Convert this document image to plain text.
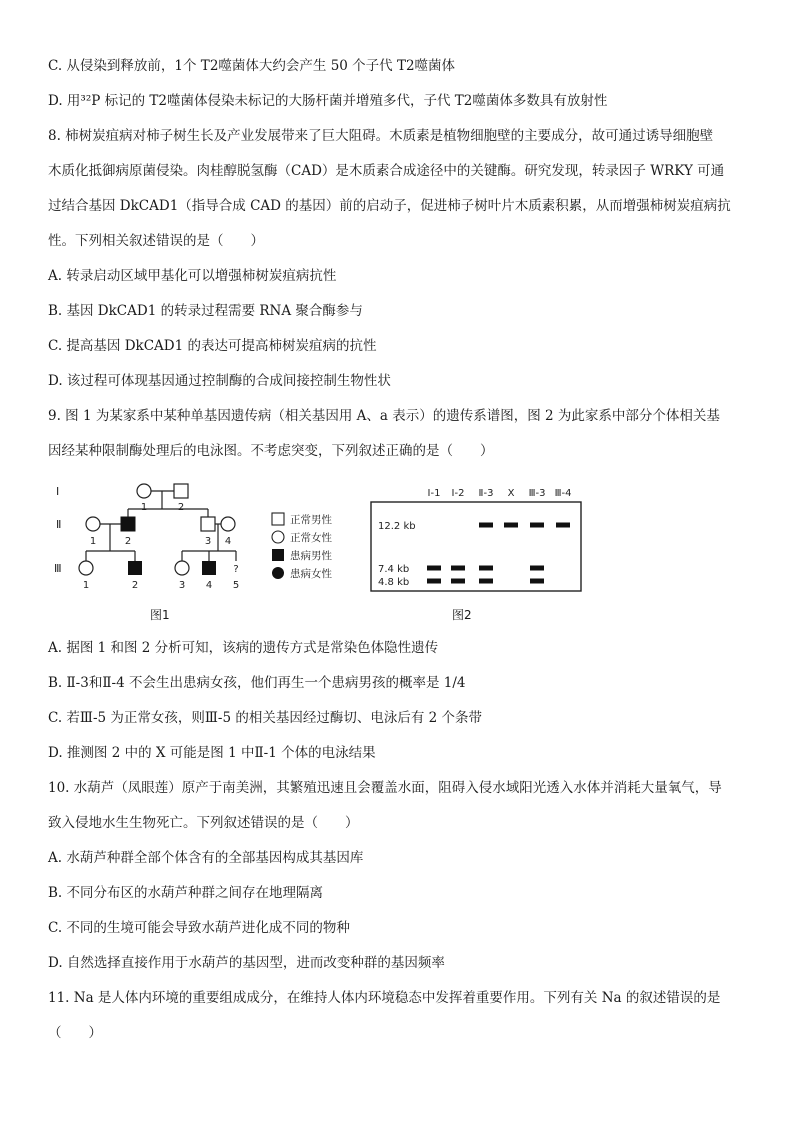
C. 从侵染到释放前，1个 T2噬菌体大约会产生 50 个子代 T2噬菌体
D. 用³²P 标记的 T2噬菌体侵染未标记的大肠杆菌并增殖多代，子代 T2噬菌体多数具有放射性
8. 柿树炭疽病对柿子树生长及产业发展带来了巨大阻碍。木质素是植物细胞壁的主要成分，故可通过诱导细胞壁
木质化抵御病原菌侵染。肉桂醇脱氢酶（CAD）是木质素合成途径中的关键酶。研究发现，转录因子 WRKY 可通
过结合基因 DkCAD1（指导合成 CAD 的基因）前的启动子，促进柿子树叶片木质素积累，从而增强柿树炭疽病抗
性。下列相关叙述错误的是（　　）
A. 转录启动区域甲基化可以增强柿树炭疽病抗性
B. 基因 DkCAD1 的转录过程需要 RNA 聚合酶参与
C. 提高基因 DkCAD1 的表达可提高柿树炭疽病的抗性
D. 该过程可体现基因通过控制酶的合成间接控制生物性状
9. 图 1 为某家系中某种单基因遗传病（相关基因用 A、a 表示）的遗传系谱图，图 2 为此家系中部分个体相关基
因经某种限制酶处理后的电泳图。不考虑突变，下列叙述正确的是（　　）
A. 据图 1 和图 2 分析可知，该病的遗传方式是常染色体隐性遗传
B. Ⅱ-3和Ⅱ-4 不会生出患病女孩，他们再生一个患病男孩的概率是 1/4
C. 若Ⅲ-5 为正常女孩，则Ⅲ-5 的相关基因经过酶切、电泳后有 2 个条带
D. 推测图 2 中的 X 可能是图 1 中Ⅱ-1 个体的电泳结果
10. 水葫芦（凤眼莲）原产于南美洲，其繁殖迅速且会覆盖水面，阻碍入侵水域阳光透入水体并消耗大量氧气，导
致入侵地水生生物死亡。下列叙述错误的是（　　）
A. 水葫芦种群全部个体含有的全部基因构成其基因库
B. 不同分布区的水葫芦种群之间存在地理隔离
C. 不同的生境可能会导致水葫芦进化成不同的物种
D. 自然选择直接作用于水葫芦的基因型，进而改变种群的基因频率
11. Na 是人体内环境的重要组成成分，在维持人体内环境稳态中发挥着重要作用。下列有关 Na 的叙述错误的是
（　　）
Ⅰ
Ⅱ
Ⅲ
1	2
1	2	3 4
1	2	3 4
?
5
正常男性
正常女性
患病男性
患病女性
图1
Ⅰ-1 Ⅰ-2 Ⅱ-3 X Ⅲ-3 Ⅲ-4
12.2 kb
7.4 kb
4.8 kb
图2
